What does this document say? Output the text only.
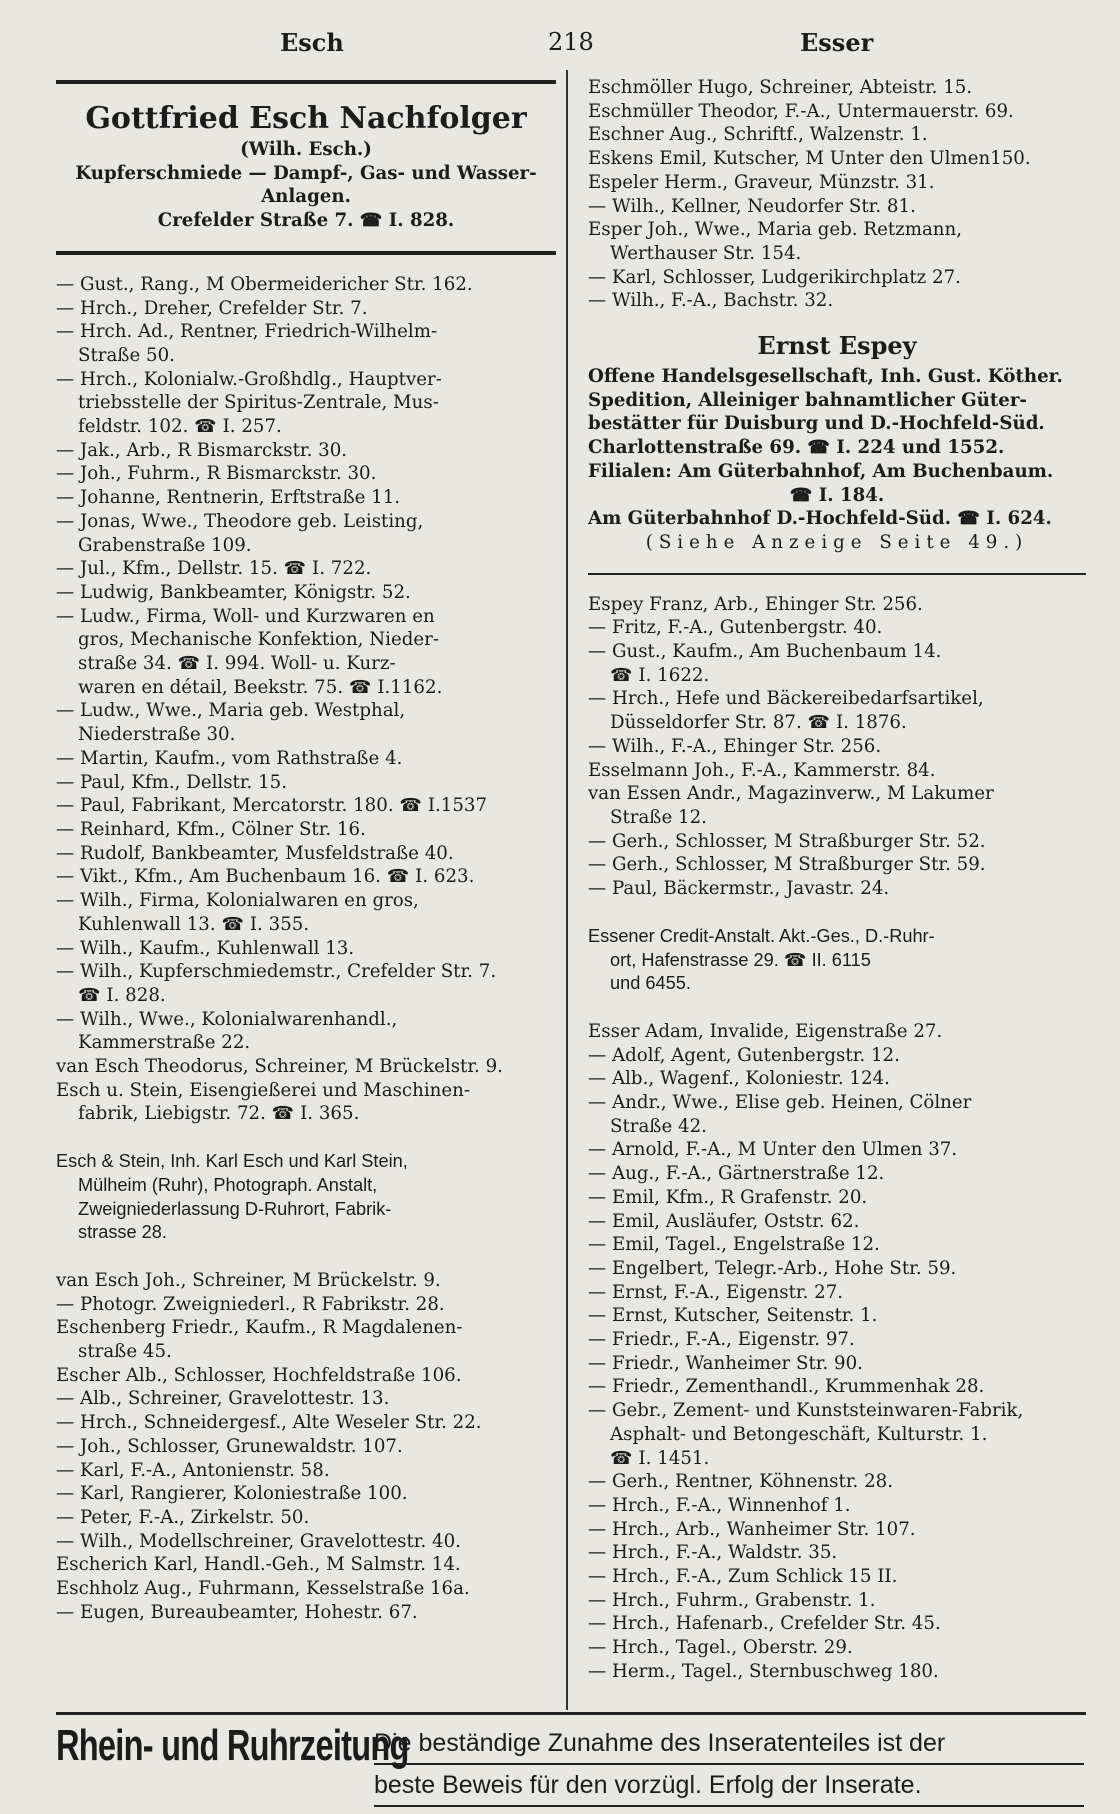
Esch	218	Esser
Gottfried Esch Nachfolger
(Wilh. Esch.)
Kupferschmiede — Dampf-, Gas- und Wasser-
Anlagen.
Crefelder Straße 7. ☎ I. 828.
— Gust., Rang., M Obermeidericher Str. 162.
— Hrch., Dreher, Crefelder Str. 7.
— Hrch. Ad., Rentner, Friedrich-Wilhelm-
Straße 50.
— Hrch., Kolonialw.-Großhdlg., Hauptver-
triebsstelle der Spiritus-Zentrale, Mus-
feldstr. 102. ☎ I. 257.
— Jak., Arb., R Bismarckstr. 30.
— Joh., Fuhrm., R Bismarckstr. 30.
— Johanne, Rentnerin, Erftstraße 11.
— Jonas, Wwe., Theodore geb. Leisting,
Grabenstraße 109.
— Jul., Kfm., Dellstr. 15. ☎ I. 722.
— Ludwig, Bankbeamter, Königstr. 52.
— Ludw., Firma, Woll- und Kurzwaren en
gros, Mechanische Konfektion, Nieder-
straße 34. ☎ I. 994. Woll- u. Kurz-
waren en détail, Beekstr. 75. ☎ I.1162.
— Ludw., Wwe., Maria geb. Westphal,
Niederstraße 30.
— Martin, Kaufm., vom Rathstraße 4.
— Paul, Kfm., Dellstr. 15.
— Paul, Fabrikant, Mercatorstr. 180. ☎ I.1537
— Reinhard, Kfm., Cölner Str. 16.
— Rudolf, Bankbeamter, Musfeldstraße 40.
— Vikt., Kfm., Am Buchenbaum 16. ☎ I. 623.
— Wilh., Firma, Kolonialwaren en gros,
Kuhlenwall 13. ☎ I. 355.
— Wilh., Kaufm., Kuhlenwall 13.
— Wilh., Kupferschmiedemstr., Crefelder Str. 7.
☎ I. 828.
— Wilh., Wwe., Kolonialwarenhandl.,
Kammerstraße 22.
van Esch Theodorus, Schreiner, M Brückelstr. 9.
Esch u. Stein, Eisengießerei und Maschinen-
fabrik, Liebigstr. 72. ☎ I. 365.
Esch & Stein, Inh. Karl Esch und Karl Stein,
Mülheim (Ruhr), Photograph. Anstalt,
Zweigniederlassung D-Ruhrort, Fabrik-
strasse 28.
van Esch Joh., Schreiner, M Brückelstr. 9.
— Photogr. Zweigniederl., R Fabrikstr. 28.
Eschenberg Friedr., Kaufm., R Magdalenen-
straße 45.
Escher Alb., Schlosser, Hochfeldstraße 106.
— Alb., Schreiner, Gravelottestr. 13.
— Hrch., Schneidergesf., Alte Weseler Str. 22.
— Joh., Schlosser, Grunewaldstr. 107.
— Karl, F.-A., Antonienstr. 58.
— Karl, Rangierer, Koloniestraße 100.
— Peter, F.-A., Zirkelstr. 50.
— Wilh., Modellschreiner, Gravelottestr. 40.
Escherich Karl, Handl.-Geh., M Salmstr. 14.
Eschholz Aug., Fuhrmann, Kesselstraße 16a.
— Eugen, Bureaubeamter, Hohestr. 67.
Eschmöller Hugo, Schreiner, Abteistr. 15.
Eschmüller Theodor, F.-A., Untermauerstr. 69.
Eschner Aug., Schriftf., Walzenstr. 1.
Eskens Emil, Kutscher, M Unter den Ulmen150.
Espeler Herm., Graveur, Münzstr. 31.
— Wilh., Kellner, Neudorfer Str. 81.
Esper Joh., Wwe., Maria geb. Retzmann,
Werthauser Str. 154.
— Karl, Schlosser, Ludgerikirchplatz 27.
— Wilh., F.-A., Bachstr. 32.
Ernst Espey
Offene Handelsgesellschaft, Inh. Gust. Köther.
Spedition, Alleiniger bahnamtlicher Güter-
bestätter für Duisburg und D.-Hochfeld-Süd.
Charlottenstraße 69. ☎ I. 224 und 1552.
Filialen: Am Güterbahnhof, Am Buchenbaum.
☎ I. 184.
Am Güterbahnhof D.-Hochfeld-Süd. ☎ I. 624.
(Siehe Anzeige Seite 49.)
Espey Franz, Arb., Ehinger Str. 256.
— Fritz, F.-A., Gutenbergstr. 40.
— Gust., Kaufm., Am Buchenbaum 14.
☎ I. 1622.
— Hrch., Hefe und Bäckereibedarfsartikel,
Düsseldorfer Str. 87. ☎ I. 1876.
— Wilh., F.-A., Ehinger Str. 256.
Esselmann Joh., F.-A., Kammerstr. 84.
van Essen Andr., Magazinverw., M Lakumer
Straße 12.
— Gerh., Schlosser, M Straßburger Str. 52.
— Gerh., Schlosser, M Straßburger Str. 59.
— Paul, Bäckermstr., Javastr. 24.
Essener Credit-Anstalt. Akt.-Ges., D.-Ruhr-
ort, Hafenstrasse 29. ☎ II. 6115
und 6455.
Esser Adam, Invalide, Eigenstraße 27.
— Adolf, Agent, Gutenbergstr. 12.
— Alb., Wagenf., Koloniestr. 124.
— Andr., Wwe., Elise geb. Heinen, Cölner
Straße 42.
— Arnold, F.-A., M Unter den Ulmen 37.
— Aug., F.-A., Gärtnerstraße 12.
— Emil, Kfm., R Grafenstr. 20.
— Emil, Ausläufer, Oststr. 62.
— Emil, Tagel., Engelstraße 12.
— Engelbert, Telegr.-Arb., Hohe Str. 59.
— Ernst, F.-A., Eigenstr. 27.
— Ernst, Kutscher, Seitenstr. 1.
— Friedr., F.-A., Eigenstr. 97.
— Friedr., Wanheimer Str. 90.
— Friedr., Zementhandl., Krummenhak 28.
— Gebr., Zement- und Kunststeinwaren-Fabrik,
Asphalt- und Betongeschäft, Kulturstr. 1.
☎ I. 1451.
— Gerh., Rentner, Köhnenstr. 28.
— Hrch., F.-A., Winnenhof 1.
— Hrch., Arb., Wanheimer Str. 107.
— Hrch., F.-A., Waldstr. 35.
— Hrch., F.-A., Zum Schlick 15 II.
— Hrch., Fuhrm., Grabenstr. 1.
— Hrch., Hafenarb., Crefelder Str. 45.
— Hrch., Tagel., Oberstr. 29.
— Herm., Tagel., Sternbuschweg 180.
Rhein- und Ruhrzeitung
Die beständige Zunahme des Inseratenteiles ist der
beste Beweis für den vorzügl. Erfolg der Inserate.
